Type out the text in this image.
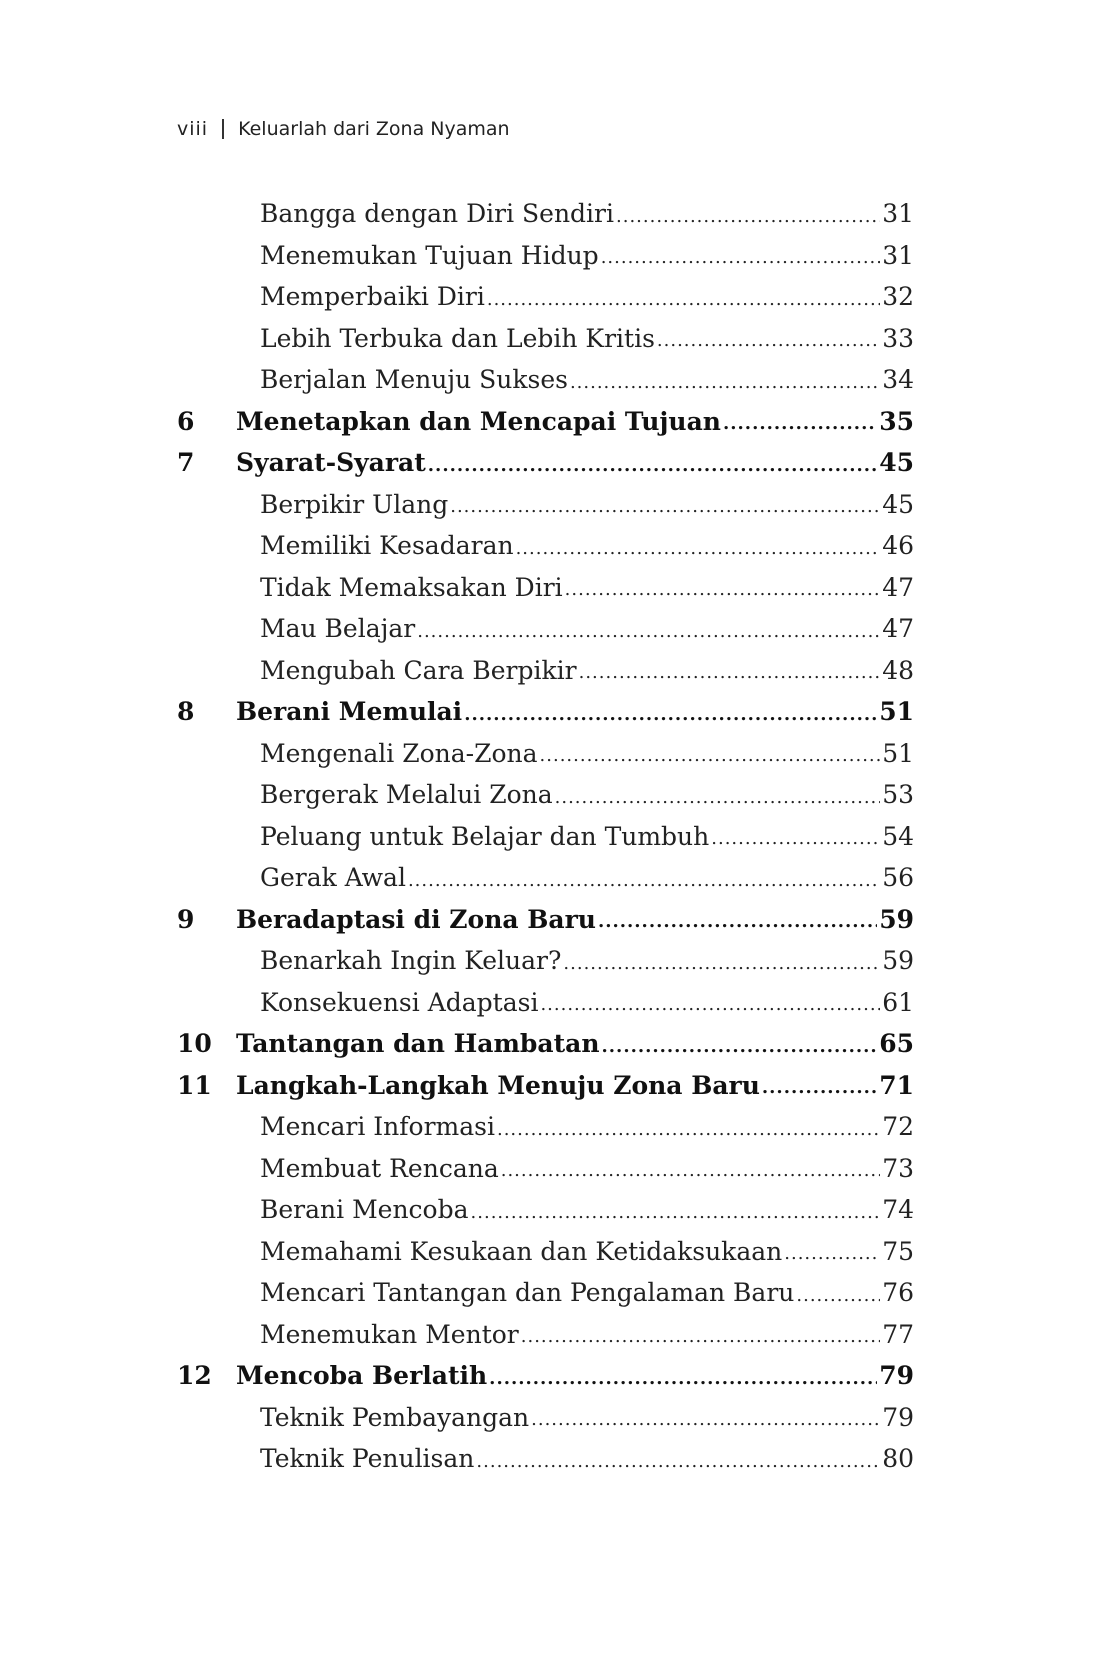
viii Keluarlah dari Zona Nyaman
Bangga dengan Diri Sendiri .....	31
Menemukan Tujuan Hidup .....	31
Memperbaiki Diri .....	32
Lebih Terbuka dan Lebih Kritis .....	33
Berjalan Menuju Sukses .....	34
6	Menetapkan dan Mencapai Tujuan .....	35
7	Syarat-Syarat .....	45
Berpikir Ulang .....	45
Memiliki Kesadaran .....	46
Tidak Memaksakan Diri .....	47
Mau Belajar .....	47
Mengubah Cara Berpikir .....	48
8	Berani Memulai .....	51
Mengenali Zona-Zona .....	51
Bergerak Melalui Zona .....	53
Peluang untuk Belajar dan Tumbuh .....	54
Gerak Awal .....	56
9	Beradaptasi di Zona Baru .....	59
Benarkah Ingin Keluar? .....	59
Konsekuensi Adaptasi .....	61
10 Tantangan dan Hambatan .....	65
11 Langkah-Langkah Menuju Zona Baru .....	71
Mencari Informasi .....	72
Membuat Rencana .....	73
Berani Mencoba .....	74
Memahami Kesukaan dan Ketidaksukaan .....	75
Mencari Tantangan dan Pengalaman Baru .....	76
Menemukan Mentor .....	77
12 Mencoba Berlatih .....	79
Teknik Pembayangan .....	79
Teknik Penulisan .....	80
